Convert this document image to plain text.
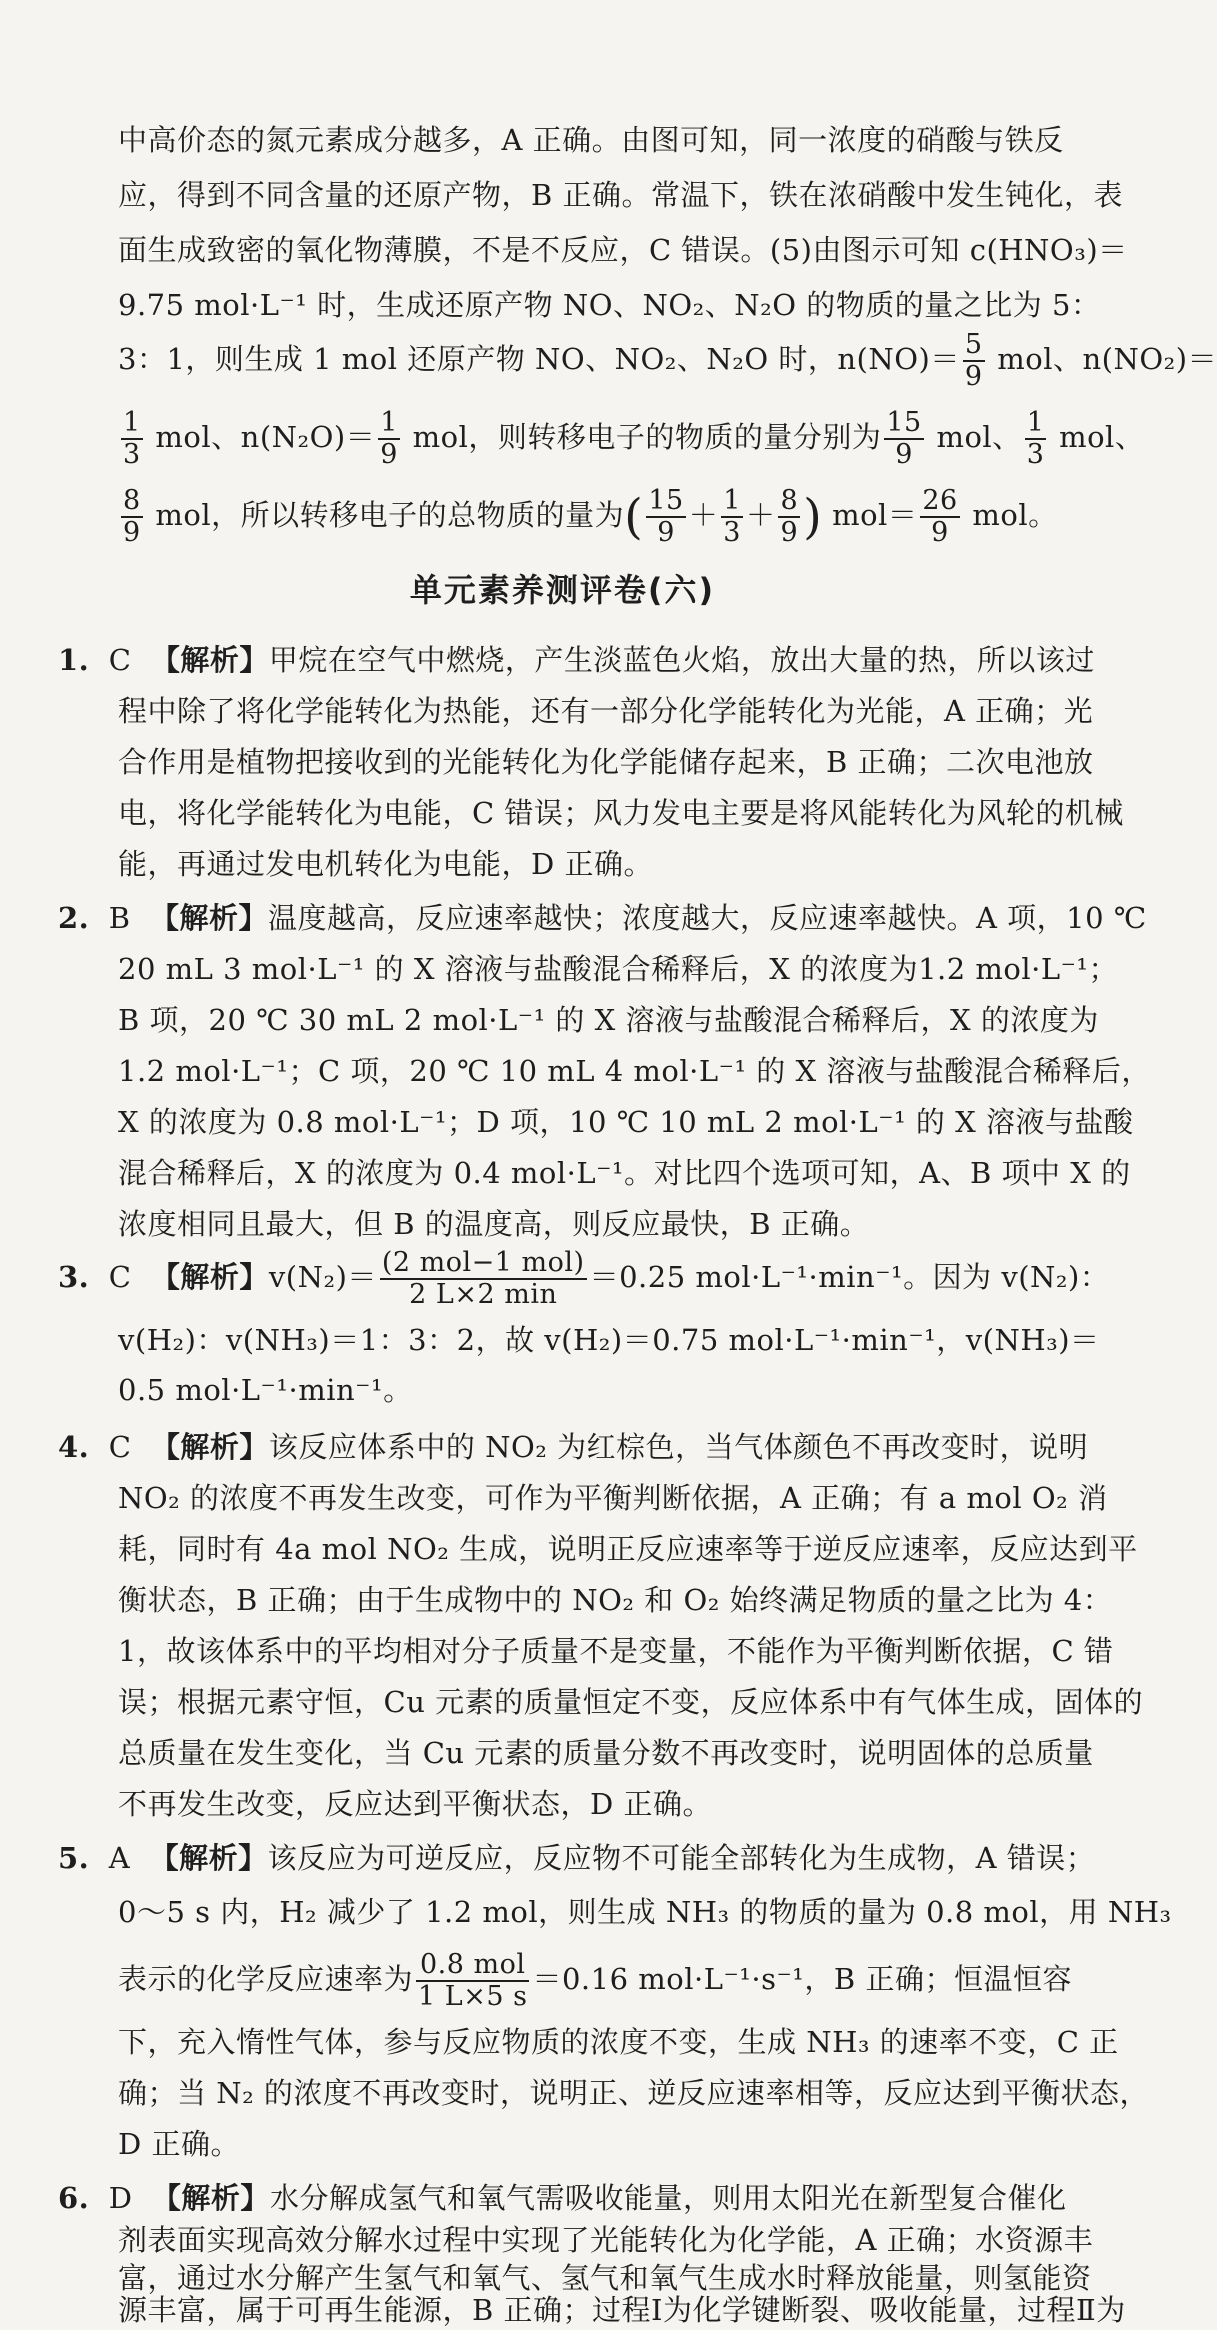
中高价态的氮元素成分越多，A 正确。由图可知，同一浓度的硝酸与铁反
应，得到不同含量的还原产物，B 正确。常温下，铁在浓硝酸中发生钝化，表
面生成致密的氧化物薄膜，不是不反应，C 错误。(5)由图示可知 c(HNO₃)＝
9.75 mol·L⁻¹ 时，生成还原产物 NO、NO₂、N₂O 的物质的量之比为 5：
3：1，则生成 1 mol 还原产物 NO、NO₂、N₂O 时，$n(NO)= \frac{5}{9}$ mol、n(NO₂)＝
$\frac{1}{3}$ mol、$n(N_2O)= \frac{1}{9}$ mol，则转移电子的物质的量分别为 $\frac{15}{9}$ mol、 $\frac{1}{3}$ mol、
$\frac{8}{9}$ mol，所以转移电子的总物质的量为( $\frac{15}{9} + \frac{1}{3} + \frac{8}{9}$ ) $mol= \frac{26}{9}$ mol。
单元素养测评卷(六)
1. C 【解析】甲烷在空气中燃烧，产生淡蓝色火焰，放出大量的热，所以该过
程中除了将化学能转化为热能，还有一部分化学能转化为光能，A 正确；光
合作用是植物把接收到的光能转化为化学能储存起来，B 正确；二次电池放
电，将化学能转化为电能，C 错误；风力发电主要是将风能转化为风轮的机械
能，再通过发电机转化为电能，D 正确。
2. B 【解析】温度越高，反应速率越快；浓度越大，反应速率越快。A 项，10 ℃
20 mL 3 mol·L⁻¹ 的 X 溶液与盐酸混合稀释后，X 的浓度为1.2 mol·L⁻¹；
B 项，20 ℃ 30 mL 2 mol·L⁻¹ 的 X 溶液与盐酸混合稀释后，X 的浓度为
1.2 mol·L⁻¹；C 项，20 ℃ 10 mL 4 mol·L⁻¹ 的 X 溶液与盐酸混合稀释后，
X 的浓度为 0.8 mol·L⁻¹；D 项，10 ℃ 10 mL 2 mol·L⁻¹ 的 X 溶液与盐酸
混合稀释后，X 的浓度为 0.4 mol·L⁻¹。对比四个选项可知，A、B 项中 X 的
浓度相同且最大，但 B 的温度高，则反应最快，B 正确。
3. C 【解析】$v(N_2)= \frac{\text{(2 mol−1 mol)}}{2 L\times 2 \min} =0.25$ mol·L⁻¹·min⁻¹。因为 v(N₂)：
v(H₂)：v(NH₃)＝1：3：2，故 v(H₂)＝0.75 mol·L⁻¹·min⁻¹，v(NH₃)＝
0.5 mol·L⁻¹·min⁻¹。
4. C 【解析】该反应体系中的 NO₂ 为红棕色，当气体颜色不再改变时，说明
NO₂ 的浓度不再发生改变，可作为平衡判断依据，A 正确；有 a mol O₂ 消
耗，同时有 4a mol NO₂ 生成，说明正反应速率等于逆反应速率，反应达到平
衡状态，B 正确；由于生成物中的 NO₂ 和 O₂ 始终满足物质的量之比为 4：
1，故该体系中的平均相对分子质量不是变量，不能作为平衡判断依据，C 错
误；根据元素守恒，Cu 元素的质量恒定不变，反应体系中有气体生成，固体的
总质量在发生变化，当 Cu 元素的质量分数不再改变时，说明固体的总质量
不再发生改变，反应达到平衡状态，D 正确。
5. A 【解析】该反应为可逆反应，反应物不可能全部转化为生成物，A 错误；
0～5 s 内，H₂ 减少了 1.2 mol，则生成 NH₃ 的物质的量为 0.8 mol，用 NH₃
表示的化学反应速率为 $\frac{\text{0.8 mol}}{1 L\times 5 s} =0.16$ mol·L⁻¹·s⁻¹，B 正确；恒温恒容
下，充入惰性气体，参与反应物质的浓度不变，生成 NH₃ 的速率不变，C 正
确；当 N₂ 的浓度不再改变时，说明正、逆反应速率相等，反应达到平衡状态，
D 正确。
6. D 【解析】水分解成氢气和氧气需吸收能量，则用太阳光在新型复合催化
剂表面实现高效分解水过程中实现了光能转化为化学能，A 正确；水资源丰
富，通过水分解产生氢气和氧气、氢气和氧气生成水时释放能量，则氢能资
源丰富，属于可再生能源，B 正确；过程Ⅰ为化学键断裂、吸收能量，过程Ⅱ为
